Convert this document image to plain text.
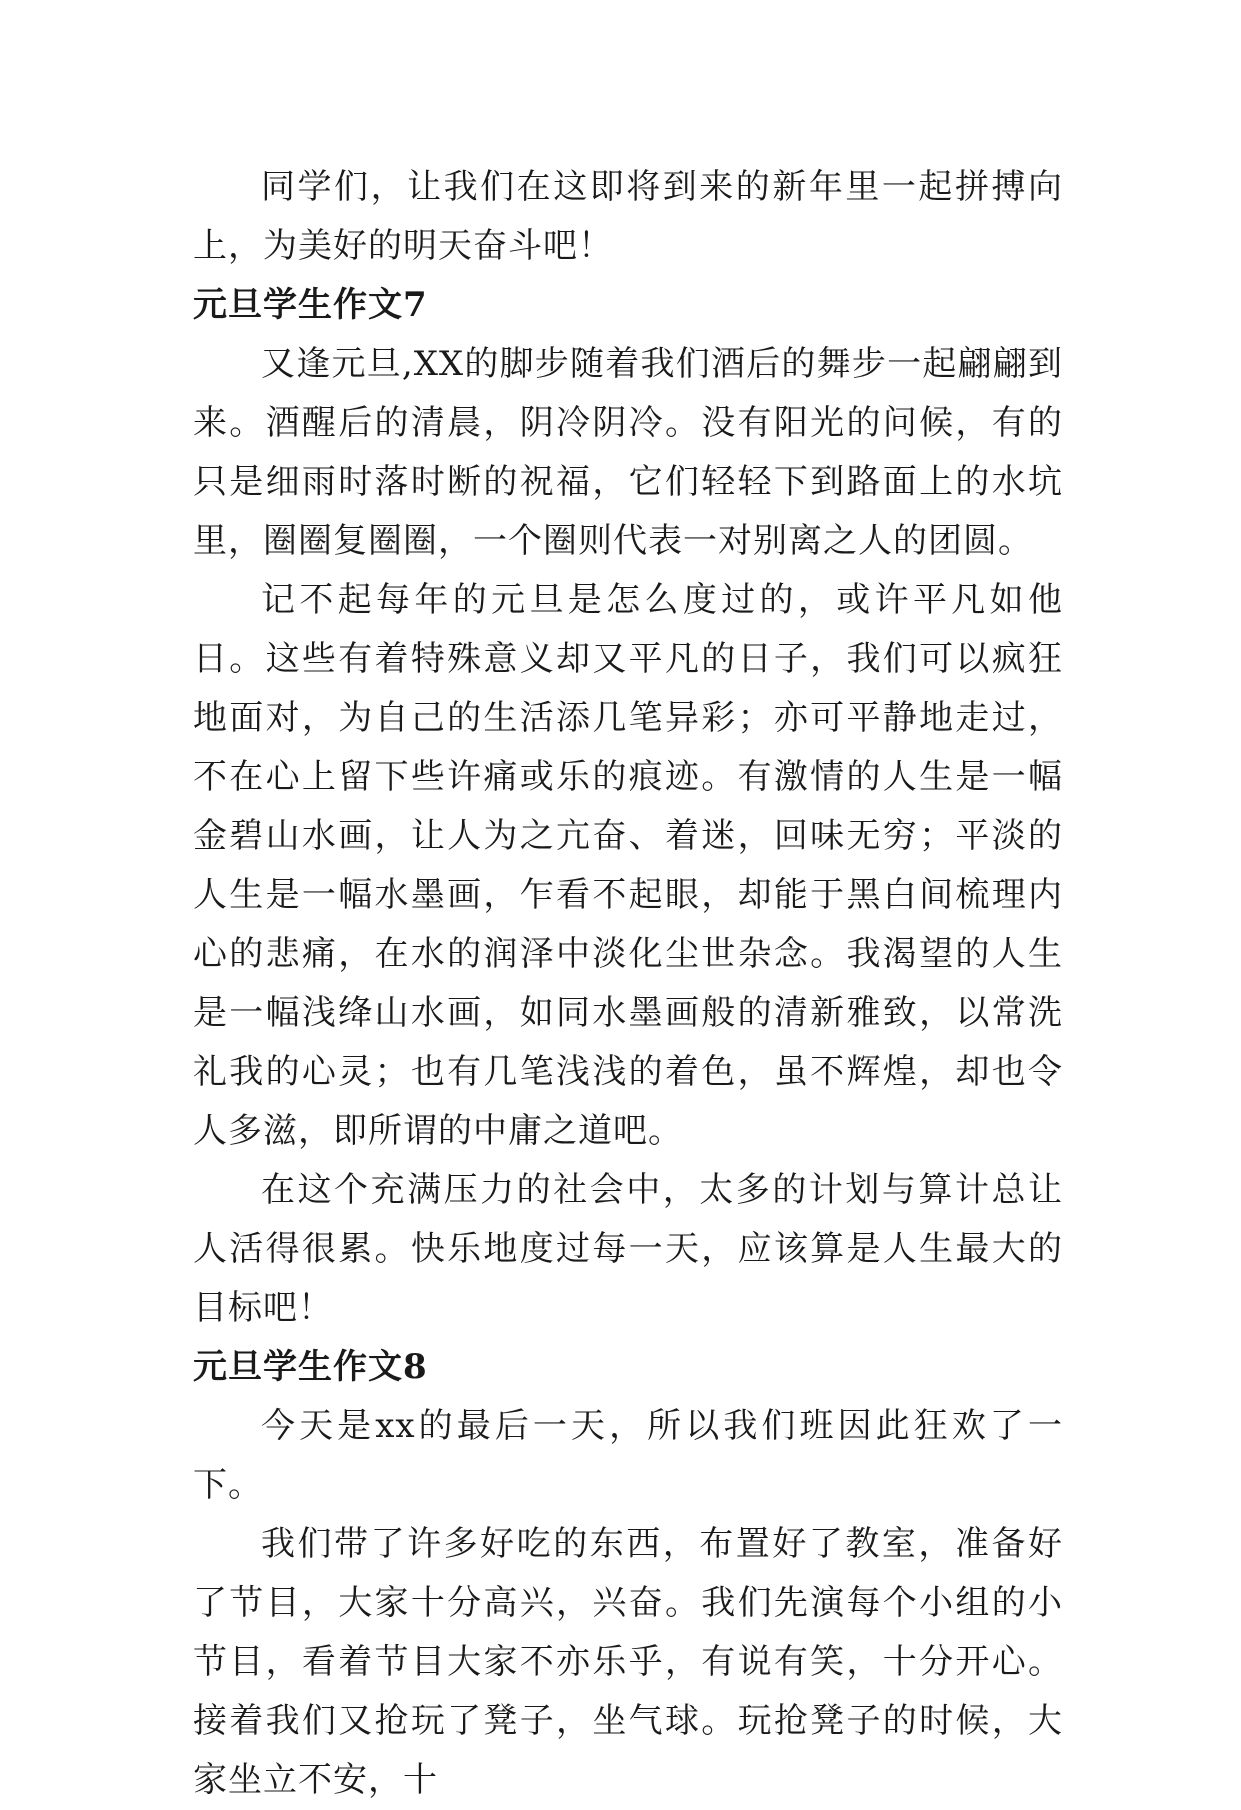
同学们，让我们在这即将到来的新年里一起拼搏向上，为美好的明天奋斗吧！

元旦学生作文7

又逢元旦,XX的脚步随着我们酒后的舞步一起翩翩到来。酒醒后的清晨，阴冷阴冷。没有阳光的问候，有的只是细雨时落时断的祝福，它们轻轻下到路面上的水坑里，圈圈复圈圈，一个圈则代表一对别离之人的团圆。

记不起每年的元旦是怎么度过的，或许平凡如他日。这些有着特殊意义却又平凡的日子，我们可以疯狂地面对，为自己的生活添几笔异彩；亦可平静地走过，不在心上留下些许痛或乐的痕迹。有激情的人生是一幅金碧山水画，让人为之亢奋、着迷，回味无穷；平淡的人生是一幅水墨画，乍看不起眼，却能于黑白间梳理内心的悲痛，在水的润泽中淡化尘世杂念。我渴望的人生是一幅浅绛山水画，如同水墨画般的清新雅致，以常洗礼我的心灵；也有几笔浅浅的着色，虽不辉煌，却也令人多滋，即所谓的中庸之道吧。

在这个充满压力的社会中，太多的计划与算计总让人活得很累。快乐地度过每一天，应该算是人生最大的目标吧！

元旦学生作文8

今天是xx的最后一天，所以我们班因此狂欢了一下。

我们带了许多好吃的东西，布置好了教室，准备好了节目，大家十分高兴，兴奋。我们先演每个小组的小节目，看着节目大家不亦乐乎，有说有笑，十分开心。 接着我们又抢玩了凳子，坐气球。玩抢凳子的时候，大家坐立不安，十
